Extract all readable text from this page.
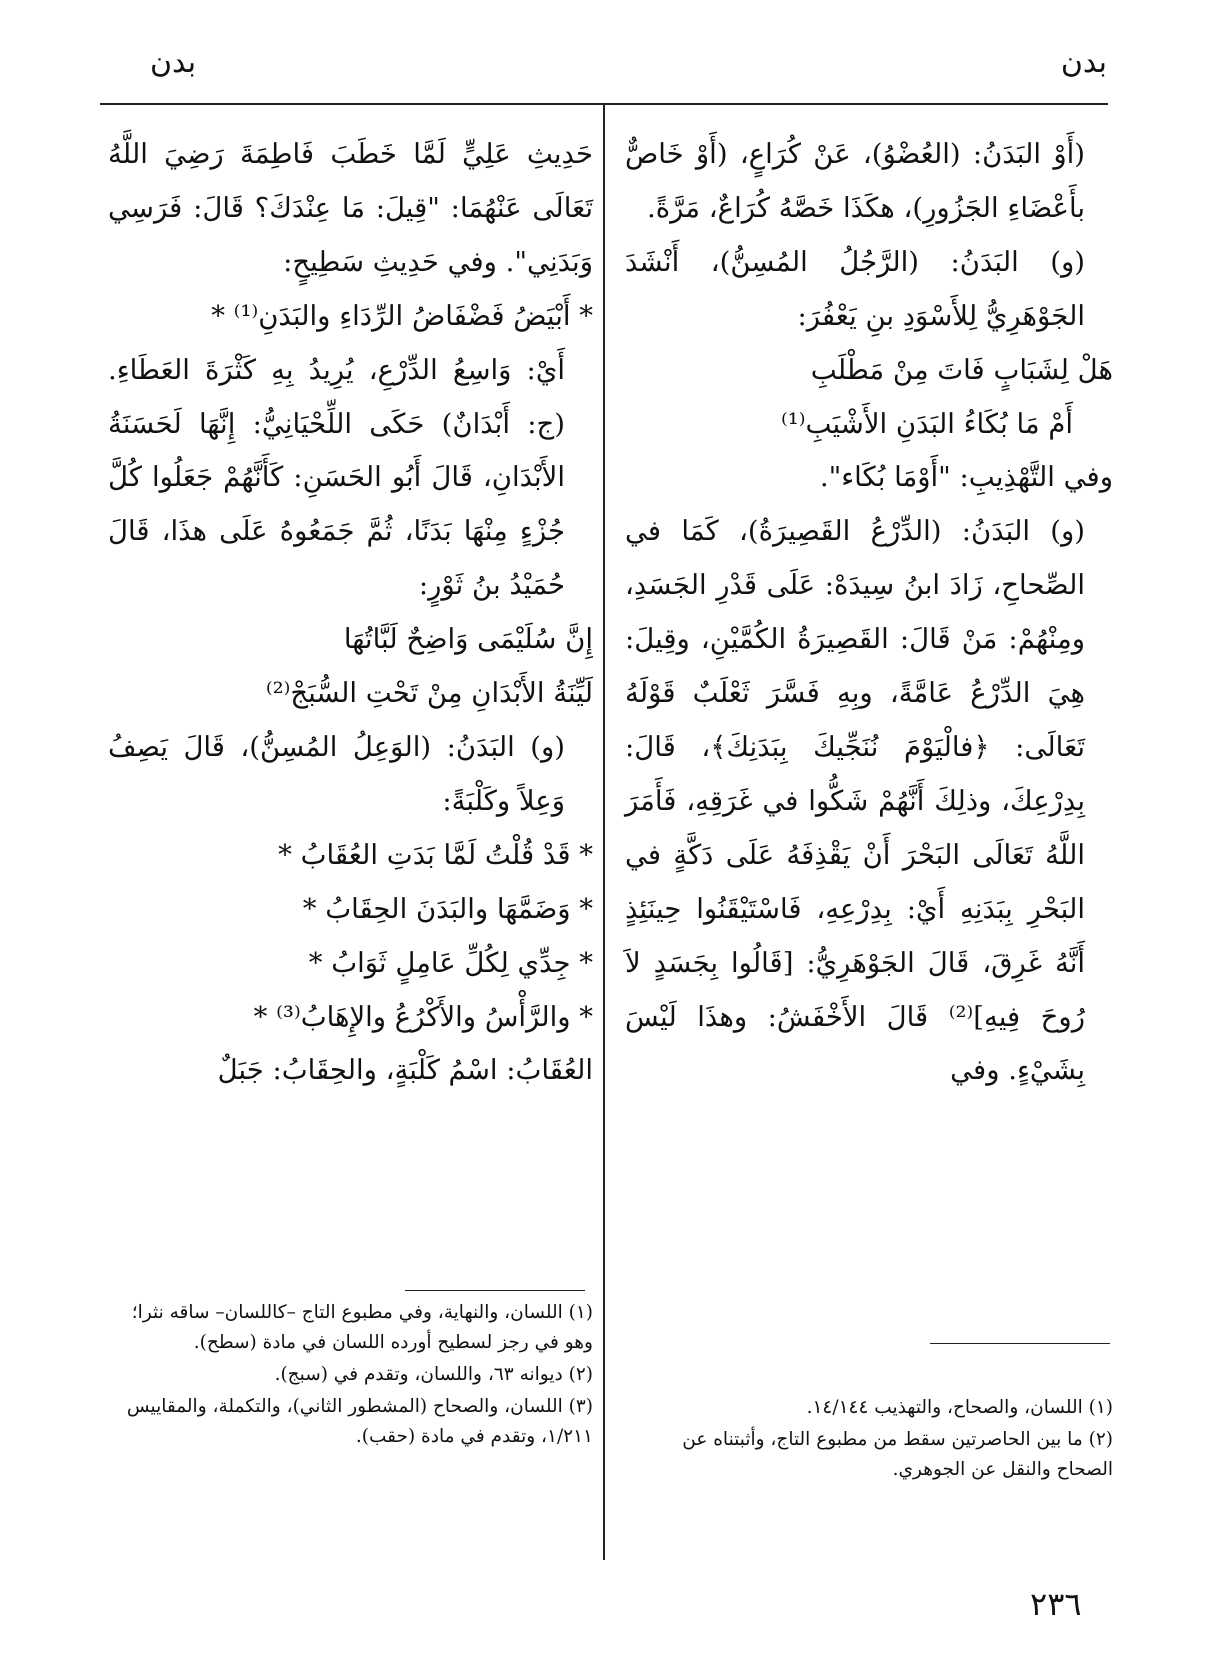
بدن
بدن

(أَوْ البَدَنُ: (العُضْوُ)، عَنْ كُرَاعٍ، (أَوْ خَاصٌّ بأَعْضَاءِ الجَزُورِ)، هكَذَا خَصَّهُ كُرَاعٌ، مَرَّةً.

(و) البَدَنُ: (الرَّجُلُ المُسِنُّ)، أَنْشَدَ الجَوْهَرِيُّ لِلأَسْوَدِ بنِ يَعْفُرَ:

هَلْ لِشَبَابٍ فَاتَ مِنْ مَطْلَبِ

أَمْ مَا بُكَاءُ البَدَنِ الأَشْيَبِ⁽¹⁾

وفي التَّهْذِيبِ: "أَوْمَا بُكَاء".

(و) البَدَنُ: (الدِّرْعُ القَصِيرَةُ)، كَمَا في الصِّحاحِ، زَادَ ابنُ سِيدَهْ: عَلَى قَدْرِ الجَسَدِ، ومِنْهُمْ: مَنْ قَالَ: القَصِيرَةُ الكُمَّيْنِ، وقِيلَ: هِيَ الدِّرْعُ عَامَّةً، وبِهِ فَسَّرَ ثَعْلَبٌ قَوْلَهُ تَعَالَى: ﴿فالْيَوْمَ نُنَجِّيكَ بِبَدَنِكَ﴾، قَالَ: بِدِرْعِكَ، وذلِكَ أَنَّهُمْ شَكُّوا في غَرَقِهِ، فَأَمَرَ اللَّهُ تَعَالَى البَحْرَ أَنْ يَقْذِفَهُ عَلَى دَكَّةٍ في البَحْرِ بِبَدَنِهِ أَيْ: بِدِرْعِهِ، فَاسْتَيْقَنُوا حِينَئِذٍ أَنَّهُ غَرِقَ، قَالَ الجَوْهَرِيُّ: [قَالُوا بِجَسَدٍ لاَ رُوحَ فِيهِ]⁽²⁾ قَالَ الأَخْفَشُ: وهذَا لَيْسَ بِشَيْءٍ. وفي

حَدِيثِ عَلِيٍّ لَمَّا خَطَبَ فَاطِمَةَ رَضِيَ اللَّهُ تَعَالَى عَنْهُمَا: "قِيلَ: مَا عِنْدَكَ؟ قَالَ: فَرَسِي وَبَدَنِي". وفي حَدِيثِ سَطِيحٍ:

* أَبْيَضُ فَضْفَاضُ الرِّدَاءِ والبَدَنِ⁽¹⁾ *

أَيْ: وَاسِعُ الدِّرْعِ، يُرِيدُ بِهِ كَثْرَةَ العَطَاءِ. (ج: أَبْدَانٌ) حَكَى اللِّحْيَانِيُّ: إِنَّهَا لَحَسَنَةُ الأَبْدَانِ، قَالَ أَبُو الحَسَنِ: كَأَنَّهُمْ جَعَلُوا كُلَّ جُزْءٍ مِنْهَا بَدَنًا، ثُمَّ جَمَعُوهُ عَلَى هذَا، قَالَ حُمَيْدُ بنُ ثَوْرٍ:

إِنَّ سُلَيْمَى وَاضِحٌ لَبَّاتُهَا

لَيِّنَةُ الأَبْدَانِ مِنْ تَحْتِ السُّبَجْ⁽²⁾

(و) البَدَنُ: (الوَعِلُ المُسِنُّ)، قَالَ يَصِفُ وَعِلاً وكَلْبَةً:

* قَدْ قُلْتُ لَمَّا بَدَتِ العُقَابُ *

* وَضَمَّهَا والبَدَنَ الحِقَابُ *

* جِدِّي لِكُلِّ عَامِلٍ ثَوَابُ *

* والرَّأْسُ والأَكْرُعُ والإِهَابُ⁽³⁾ *

العُقَابُ: اسْمُ كَلْبَةٍ، والحِقَابُ: جَبَلٌ

(١) اللسان، والصحاح، والتهذيب ١٤/١٤٤.

(٢) ما بين الحاصرتين سقط من مطبوع التاج، وأثبتناه عن الصحاح والنقل عن الجوهري.

(١) اللسان، والنهاية، وفي مطبوع التاج –كاللسان– ساقه نثرا؛ وهو في رجز لسطيح أورده اللسان في مادة (سطح).

(٢) ديوانه ٦٣، واللسان، وتقدم في (سبج).

(٣) اللسان، والصحاح (المشطور الثاني)، والتكملة، والمقاييس ١/٢١١، وتقدم في مادة (حقب).

٢٣٦
